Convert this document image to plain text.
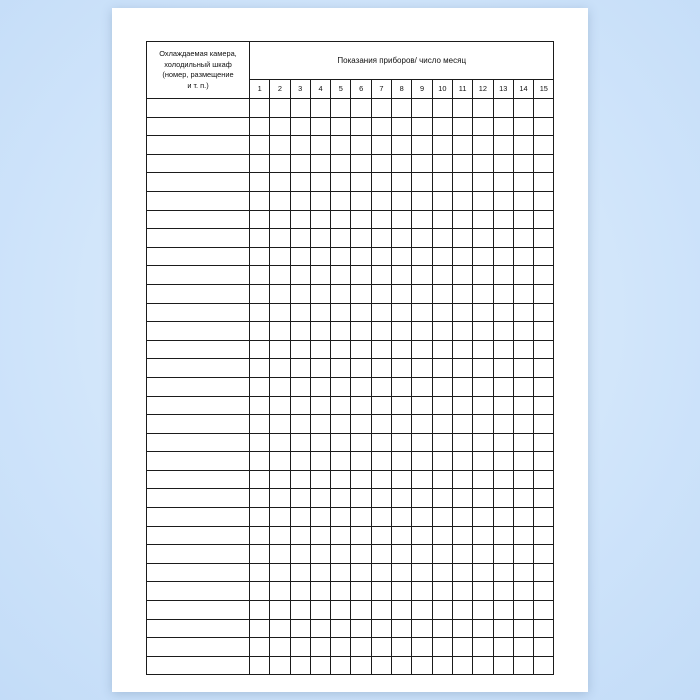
Охлаждаемая камера,
холодильный шкаф
(номер, размещение
и т. п.)	Показания приборов/ число месяц														
	1	2	3	4	5	6	7	8	9	10	11	12	13	14	15
